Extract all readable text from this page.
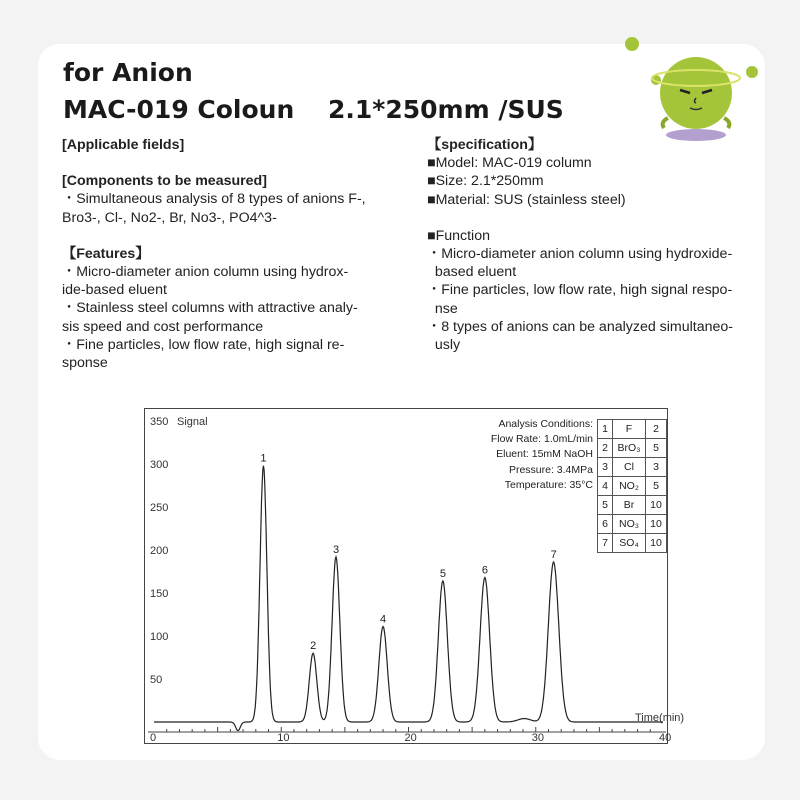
for Anion
MAC-019 Coloun　 2.1*250mm /SUS
[Applicable fields]
[Components to be measured]
・Simultaneous analysis of 8 types of anions F-,
Bro3-, Cl-, No2-, Br, No3-, PO4^3-
【Features】
・Micro-diameter anion column using hydrox-
ide-based eluent
・Stainless steel columns with attractive analy-
sis speed and cost performance
・Fine particles, low flow rate, high signal re-
sponse
【specification】
■Model: MAC-019 column
■Size: 2.1*250mm
■Material: SUS (stainless steel)
■Function
・Micro-diameter anion column using hydroxide-
based eluent
・Fine particles, low flow rate, high signal respo-
nse
・8 types of anions can be analyzed simultaneo-
usly
50
100
150
200
250
300
350 Signal
0	10	20	30	40
Time(min)
1
2
3
4
5	6
7
Analysis Conditions:
Flow Rate: 1.0mL/min
Eluent: 15mM NaOH
Pressure: 3.4MPa
Temperature: 35°C
1	F	2
2	BrO₃	5
3	Cl	3
4	NO₂	5
5	Br	10
6	NO₃	10
7	SO₄	10
